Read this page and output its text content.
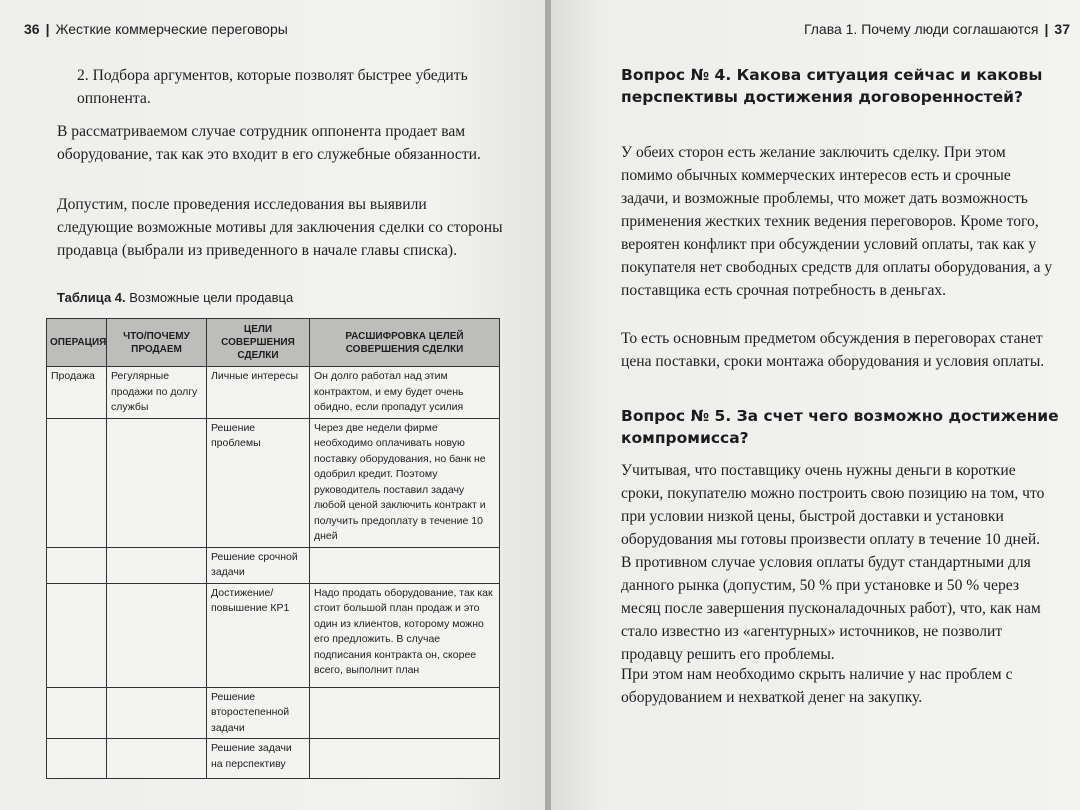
36 | Жесткие коммерческие переговоры

2. Подбора аргументов, которые позволят быстрее убедить оппонента.

В рассматриваемом случае сотрудник оппонента продает вам оборудование, так как это входит в его служебные обязанности.

Допустим, после проведения исследования вы выявили следующие возможные мотивы для заключения сделки со стороны продавца (выбрали из приведенного в начале главы списка).

Таблица 4. Возможные цели продавца
ОПЕРАЦИЯ	ЧТО/ПОЧЕМУ ПРОДАЕМ	ЦЕЛИ СОВЕРШЕНИЯ СДЕЛКИ	РАСШИФРОВКА ЦЕЛЕЙ СОВЕРШЕНИЯ СДЕЛКИ
Продажа	Регулярные продажи по долгу службы	Личные интересы	Он долго работал над этим контрактом, и ему будет очень обидно, если пропадут усилия
		Решение проблемы	Через две недели фирме необходимо оплачивать новую поставку оборудования, но банк не одобрил кредит. Поэтому руководитель поставил задачу любой ценой заключить контракт и получить предоплату в течение 10 дней
		Решение срочной задачи	
		Достижение/повышение КР1	Надо продать оборудование, так как стоит большой план продаж и это один из клиентов, которому можно его предложить. В случае подписания контракта он, скорее всего, выполнит план
		Решение второстепенной задачи	
		Решение задачи на перспективу	
Глава 1. Почему люди соглашаются | 37

Вопрос № 4. Какова ситуация сейчас и каковы перспективы достижения договоренностей?

У обеих сторон есть желание заключить сделку. При этом помимо обычных коммерческих интересов есть и срочные задачи, и возможные проблемы, что может дать возможность применения жестких техник ведения переговоров. Кроме того, вероятен конфликт при обсуждении условий оплаты, так как у покупателя нет свободных средств для оплаты оборудования, а у поставщика есть срочная потребность в деньгах.

То есть основным предметом обсуждения в переговорах станет цена поставки, сроки монтажа оборудования и условия оплаты.

Вопрос № 5. За счет чего возможно достижение компромисса?

Учитывая, что поставщику очень нужны деньги в короткие сроки, покупателю можно построить свою позицию на том, что при условии низкой цены, быстрой доставки и установки оборудования мы готовы произвести оплату в течение 10 дней. В противном случае условия оплаты будут стандартными для данного рынка (допустим, 50 % при установке и 50 % через месяц после завершения пусконаладочных работ), что, как нам стало известно из «агентурных» источников, не позволит продавцу решить его проблемы.

При этом нам необходимо скрыть наличие у нас проблем с оборудованием и нехваткой денег на закупку.
